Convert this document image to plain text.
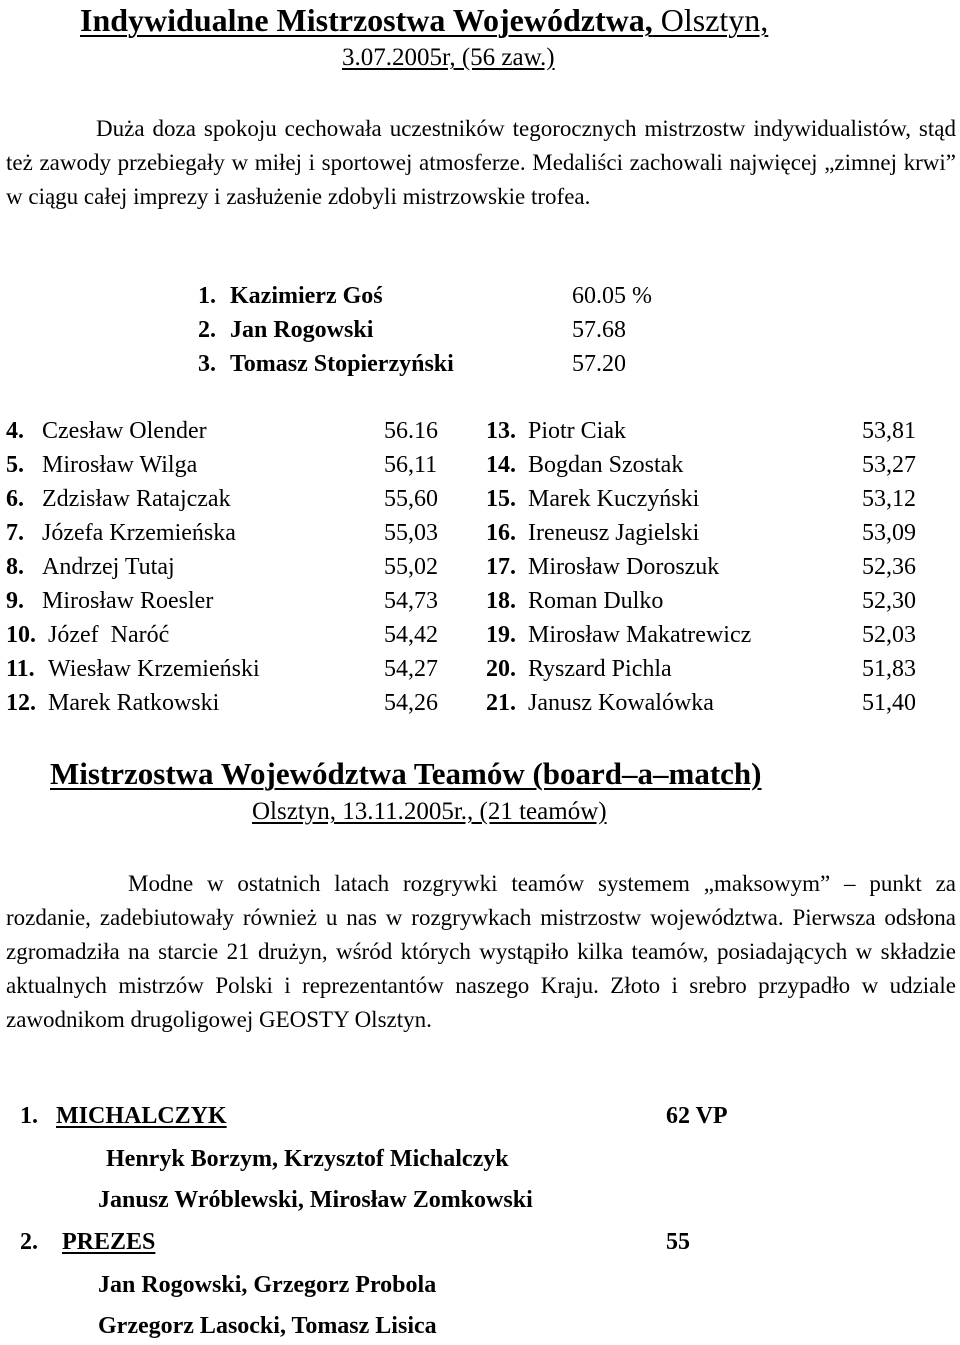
Indywidualne Mistrzostwa Województwa, Olsztyn,
3.07.2005r, (56 zaw.)
Duża doza spokoju cechowała uczestników tegorocznych mistrzostw indywidualistów, stąd też zawody przebiegały w miłej i sportowej atmosferze. Medaliści zachowali najwięcej „zimnej krwi” w ciągu całej imprezy i zasłużenie zdobyli mistrzowskie trofea.
1. Kazimierz Goś	60.05 %
2. Jan Rogowski	57.68
3. Tomasz Stopierzyński	57.20
4. Czesław Olender	56.16
5. Mirosław Wilga	56,11
6. Zdzisław Ratajczak	55,60
7. Józefa Krzemieńska	55,03
8. Andrzej Tutaj	55,02
9. Mirosław Roesler	54,73
10. Józef  Naróć	54,42
11. Wiesław Krzemieński	54,27
12. Marek Ratkowski	54,26
13. Piotr Ciak	53,81
14. Bogdan Szostak	53,27
15. Marek Kuczyński	53,12
16. Ireneusz Jagielski	53,09
17. Mirosław Doroszuk	52,36
18. Roman Dulko	52,30
19. Mirosław Makatrewicz	52,03
20. Ryszard Pichla	51,83
21. Janusz Kowalówka	51,40
Mistrzostwa Województwa Teamów (board–a–match)
Olsztyn, 13.11.2005r., (21 teamów)
Modne w ostatnich latach rozgrywki teamów systemem „maksowym” – punkt za rozdanie, zadebiutowały również u nas w rozgrywkach mistrzostw województwa. Pierwsza odsłona zgromadziła na starcie 21 drużyn, wśród których wystąpiło kilka teamów, posiadających w składzie aktualnych mistrzów Polski i reprezentantów naszego Kraju. Złoto i srebro przypadło w udziale zawodnikom drugoligowej GEOSTY Olsztyn.
1. MICHALCZYK	62 VP
Henryk Borzym, Krzysztof Michalczyk
Janusz Wróblewski, Mirosław Zomkowski
2. PREZES	55
Jan Rogowski, Grzegorz Probola
Grzegorz Lasocki, Tomasz Lisica
